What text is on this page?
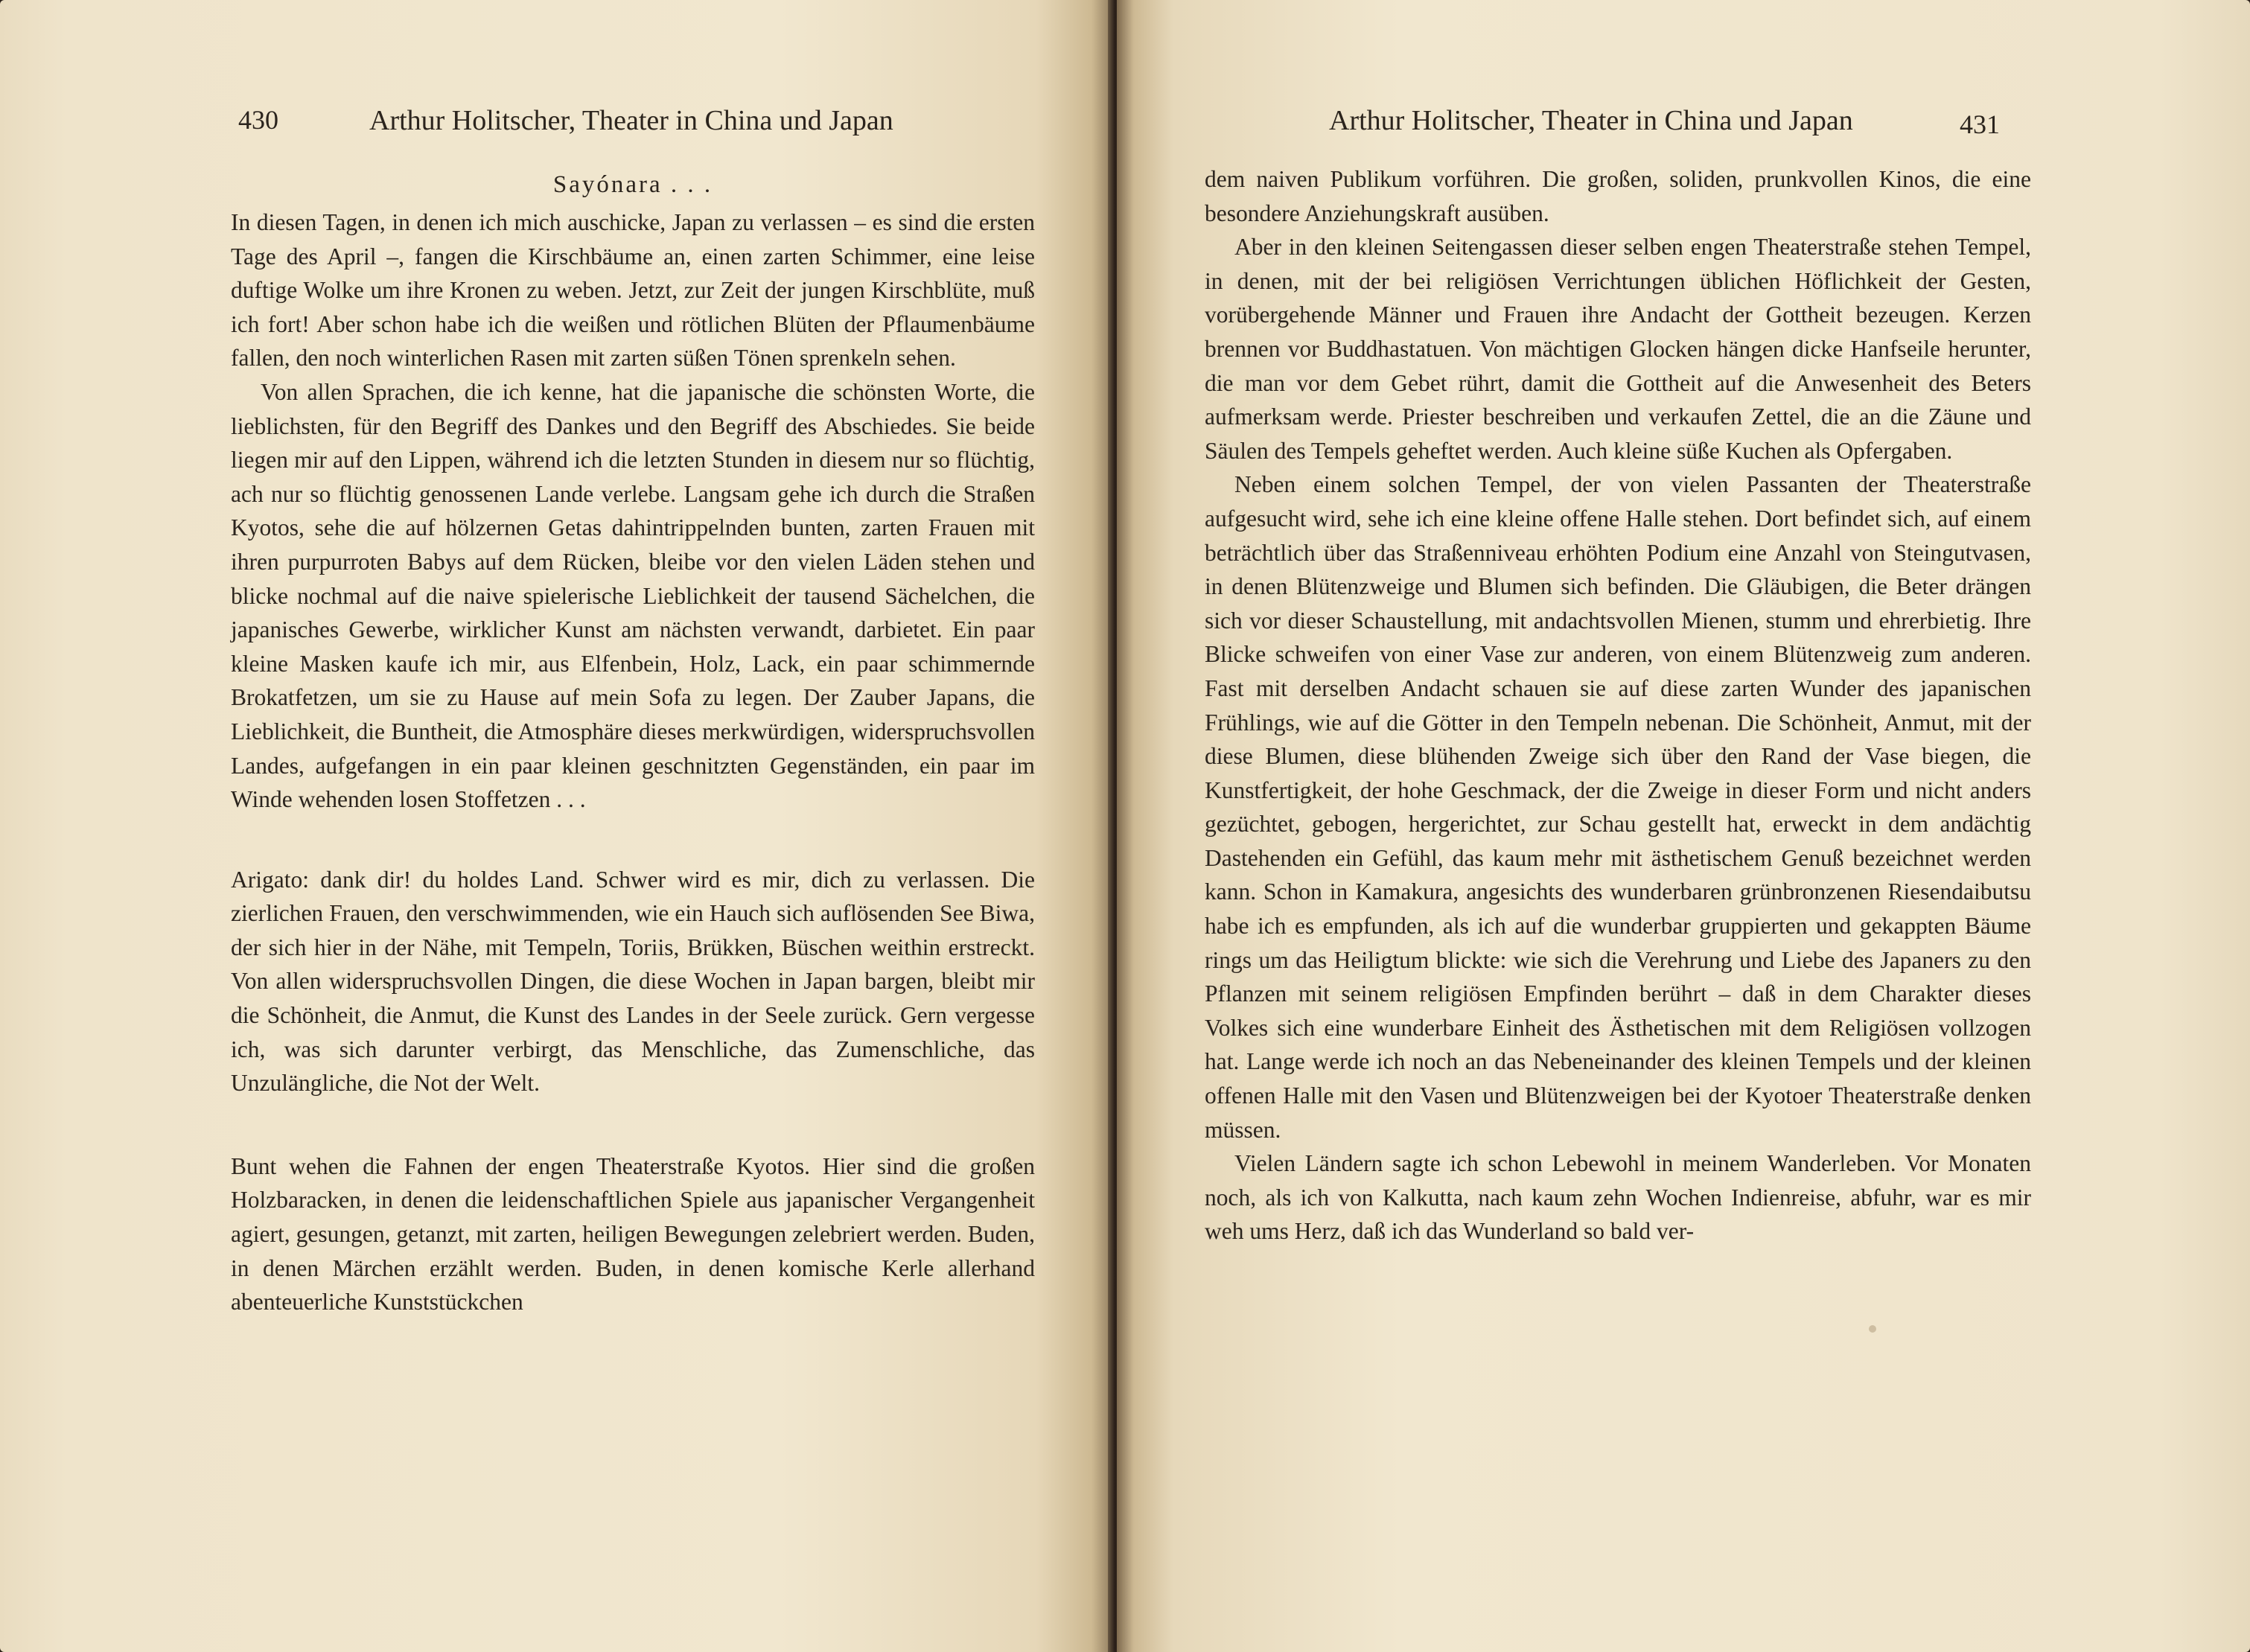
430	Arthur Holitscher, Theater in China und Japan
Sayónara . . .

In diesen Tagen, in denen ich mich auschicke, Japan zu verlassen – es sind die ersten Tage des April –, fangen die Kirschbäume an, einen zarten Schimmer, eine leise duftige Wolke um ihre Kronen zu weben. Jetzt, zur Zeit der jungen Kirschblüte, muß ich fort! Aber schon habe ich die weißen und rötlichen Blüten der Pflaumenbäume fallen, den noch winterlichen Rasen mit zarten süßen Tönen sprenkeln sehen.

Von allen Sprachen, die ich kenne, hat die japanische die schönsten Worte, die lieblichsten, für den Begriff des Dankes und den Begriff des Abschiedes. Sie beide liegen mir auf den Lippen, während ich die letzten Stunden in diesem nur so flüchtig, ach nur so flüchtig genossenen Lande verlebe. Langsam gehe ich durch die Straßen Kyotos, sehe die auf hölzernen Getas dahintrippelnden bunten, zarten Frauen mit ihren purpurroten Babys auf dem Rücken, bleibe vor den vielen Läden stehen und blicke nochmal auf die naive spielerische Lieblichkeit der tausend Sächelchen, die japanisches Gewerbe, wirklicher Kunst am nächsten verwandt, darbietet. Ein paar kleine Masken kaufe ich mir, aus Elfenbein, Holz, Lack, ein paar schimmernde Brokatfetzen, um sie zu Hause auf mein Sofa zu legen. Der Zauber Japans, die Lieblichkeit, die Buntheit, die Atmosphäre dieses merkwürdigen, widerspruchsvollen Landes, aufgefangen in ein paar kleinen geschnitzten Gegenständen, ein paar im Winde wehenden losen Stoffetzen . . .

Arigato: dank dir! du holdes Land. Schwer wird es mir, dich zu verlassen. Die zierlichen Frauen, den verschwimmenden, wie ein Hauch sich auflösenden See Biwa, der sich hier in der Nähe, mit Tempeln, Toriis, Brükken, Büschen weithin erstreckt. Von allen widerspruchsvollen Dingen, die diese Wochen in Japan bargen, bleibt mir die Schönheit, die Anmut, die Kunst des Landes in der Seele zurück. Gern vergesse ich, was sich darunter verbirgt, das Menschliche, das Zumenschliche, das Unzulängliche, die Not der Welt.

Bunt wehen die Fahnen der engen Theaterstraße Kyotos. Hier sind die großen Holzbaracken, in denen die leidenschaftlichen Spiele aus japanischer Vergangenheit agiert, gesungen, getanzt, mit zarten, heiligen Bewegungen zelebriert werden. Buden, in denen Märchen erzählt werden. Buden, in denen komische Kerle allerhand abenteuerliche Kunststückchen

Arthur Holitscher, Theater in China und Japan	431

dem naiven Publikum vorführen. Die großen, soliden, prunkvollen Kinos, die eine besondere Anziehungskraft ausüben.

Aber in den kleinen Seitengassen dieser selben engen Theaterstraße stehen Tempel, in denen, mit der bei religiösen Verrichtungen üblichen Höflichkeit der Gesten, vorübergehende Männer und Frauen ihre Andacht der Gottheit bezeugen. Kerzen brennen vor Buddhastatuen. Von mächtigen Glocken hängen dicke Hanfseile herunter, die man vor dem Gebet rührt, damit die Gottheit auf die Anwesenheit des Beters aufmerksam werde. Priester beschreiben und verkaufen Zettel, die an die Zäune und Säulen des Tempels geheftet werden. Auch kleine süße Kuchen als Opfergaben.

Neben einem solchen Tempel, der von vielen Passanten der Theaterstraße aufgesucht wird, sehe ich eine kleine offene Halle stehen. Dort befindet sich, auf einem beträchtlich über das Straßenniveau erhöhten Podium eine Anzahl von Steingutvasen, in denen Blütenzweige und Blumen sich befinden. Die Gläubigen, die Beter drängen sich vor dieser Schaustellung, mit andachtsvollen Mienen, stumm und ehrerbietig. Ihre Blicke schweifen von einer Vase zur anderen, von einem Blütenzweig zum anderen. Fast mit derselben Andacht schauen sie auf diese zarten Wunder des japanischen Frühlings, wie auf die Götter in den Tempeln nebenan. Die Schönheit, Anmut, mit der diese Blumen, diese blühenden Zweige sich über den Rand der Vase biegen, die Kunstfertigkeit, der hohe Geschmack, der die Zweige in dieser Form und nicht anders gezüchtet, gebogen, hergerichtet, zur Schau gestellt hat, erweckt in dem andächtig Dastehenden ein Gefühl, das kaum mehr mit ästhetischem Genuß bezeichnet werden kann. Schon in Kamakura, angesichts des wunderbaren grünbronzenen Riesendaibutsu habe ich es empfunden, als ich auf die wunderbar gruppierten und gekappten Bäume rings um das Heiligtum blickte: wie sich die Verehrung und Liebe des Japaners zu den Pflanzen mit seinem religiösen Empfinden berührt – daß in dem Charakter dieses Volkes sich eine wunderbare Einheit des Ästhetischen mit dem Religiösen vollzogen hat. Lange werde ich noch an das Nebeneinander des kleinen Tempels und der kleinen offenen Halle mit den Vasen und Blütenzweigen bei der Kyotoer Theaterstraße denken müssen.

Vielen Ländern sagte ich schon Lebewohl in meinem Wanderleben. Vor Monaten noch, als ich von Kalkutta, nach kaum zehn Wochen Indienreise, abfuhr, war es mir weh ums Herz, daß ich das Wunderland so bald ver-
